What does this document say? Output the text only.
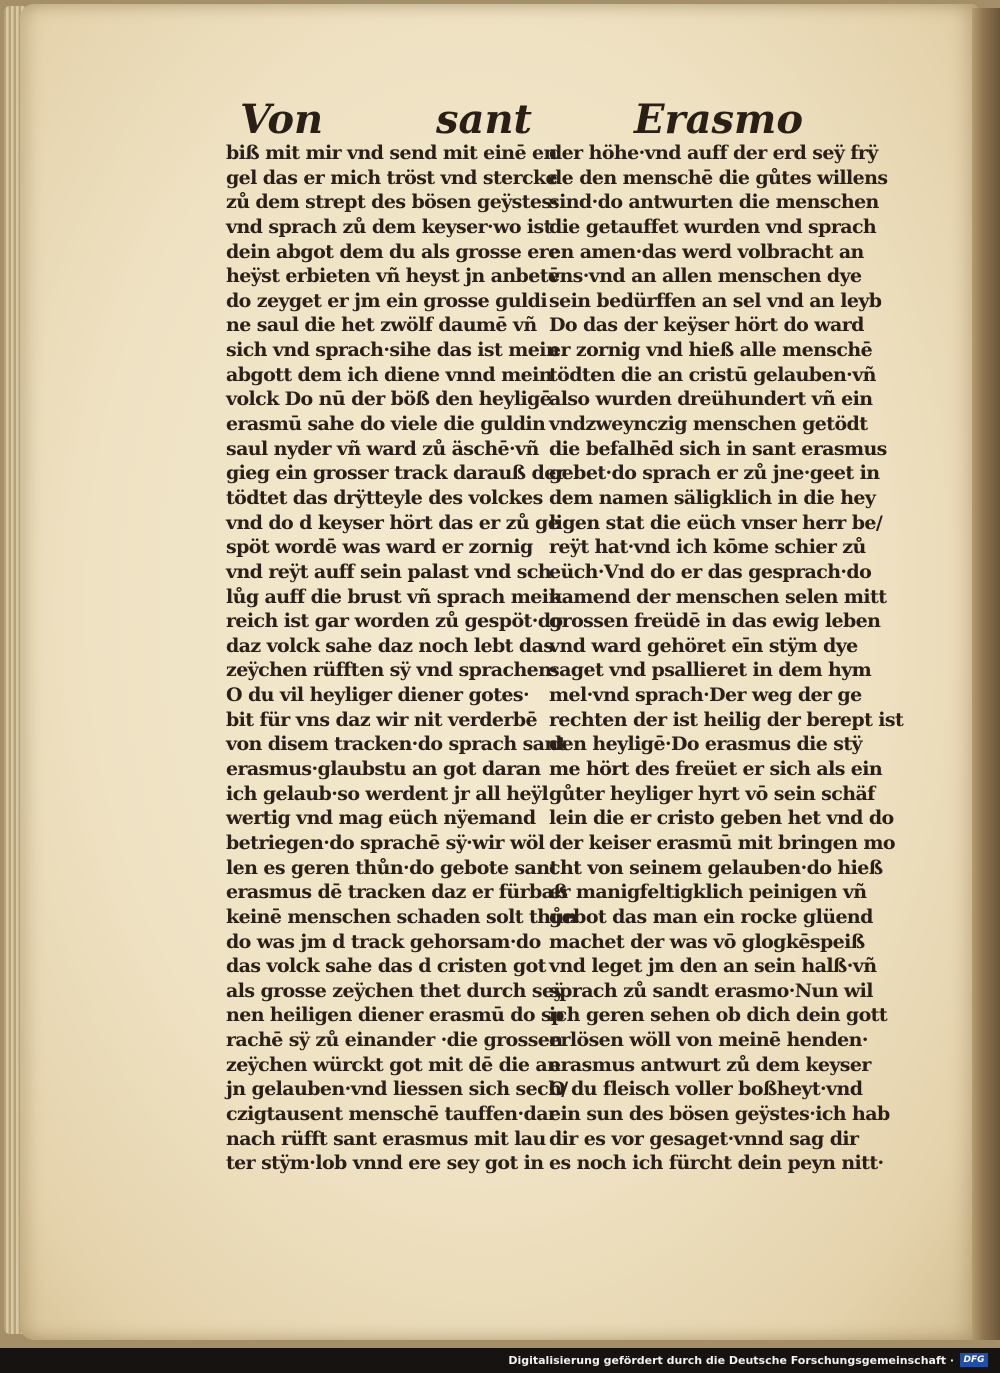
Von	sant	Erasmo
biß mit mir vnd send mit einē en
gel das er mich tröst vnd stercke
zů dem strept des bösen geÿstes·
vnd sprach zů dem keyser·wo ist
dein abgot dem du als grosse ere
heÿst erbieten vñ heyst jn anbetē
do zeyget er jm ein grosse guldi
ne saul die het zwölf daumē vñ
sich vnd sprach·sihe das ist mein
abgott dem ich diene vnnd mein
volck Do nū der böß den heyligē
erasmū sahe do viele die guldin
saul nyder vñ ward zů äschē·vñ
gieg ein grosser track darauß der
tödtet das drÿtteyle des volckes
vnd do d keyser hört das er zů ge
spöt wordē was ward er zornig
vnd reÿt auff sein palast vnd sch
lůg auff die brust vñ sprach mein
reich ist gar worden zů gespöt·do
daz volck sahe daz noch lebt das
zeÿchen rüfften sÿ vnd sprachen·
O du vil heyliger diener gotes·
bit für vns daz wir nit verderbē
von disem tracken·do sprach sant
erasmus·glaubstu an got daran
ich gelaub·so werdent jr all heÿl
wertig vnd mag eüch nÿemand
betriegen·do sprachē sÿ·wir wöl
len es geren thůn·do gebote sant
erasmus dē tracken daz er fürbaß
keinē menschen schaden solt thůn
do was jm d track gehorsam·do
das volck sahe das d cristen got
als grosse zeÿchen thet durch seÿ
nen heiligen diener erasmū do sp
rachē sÿ zů einander ·die grossen
zeÿchen würckt got mit dē die an
jn gelauben·vnd liessen sich sech/
czigtausent menschē tauffen·dar
nach rüfft sant erasmus mit lau
ter stÿm·lob vnnd ere sey got in
der höhe·vnd auff der erd seÿ frÿ
de den menschē die gůtes willens
sind·do antwurten die menschen
die getauffet wurden vnd sprach
en amen·das werd volbracht an
vns·vnd an allen menschen dye
sein bedürffen an sel vnd an leyb
Do das der keÿser hört do ward
er zornig vnd hieß alle menschē
tödten die an cristū gelauben·vñ
also wurden dreühundert vñ ein
vndzweynczig menschen getödt
die befalhēd sich in sant erasmus
gebet·do sprach er zů jne·geet in
dem namen säligklich in die hey
ligen stat die eüch vnser herr be/
reÿt hat·vnd ich kōme schier zů
eüch·Vnd do er das gesprach·do
kamend der menschen selen mitt
grossen freüdē in das ewig leben
vnd ward gehöret eīn stÿm dye
saget vnd psallieret in dem hym
mel·vnd sprach·Der weg der ge
rechten der ist heilig der berept ist
den heyligē·Do erasmus die stÿ
me hört des freüet er sich als ein
gůter heyliger hyrt vō sein schäf
lein die er cristo geben het vnd do
der keiser erasmū mit bringen mo
cht von seinem gelauben·do hieß
er manigfeltigklich peinigen vñ
gebot das man ein rocke glüend
machet der was vō glogkēspeiß
vnd leget jm den an sein halß·vñ
sprach zů sandt erasmo·Nun wil
ich geren sehen ob dich dein gott
erlösen wöll von meinē henden·
erasmus antwurt zů dem keyser
O du fleisch voller boßheyt·vnd
ein sun des bösen geÿstes·ich hab
dir es vor gesaget·vnnd sag dir
es noch ich fürcht dein peyn nitt·
Digitalisierung gefördert durch die Deutsche Forschungsgemeinschaft ·	DFG
